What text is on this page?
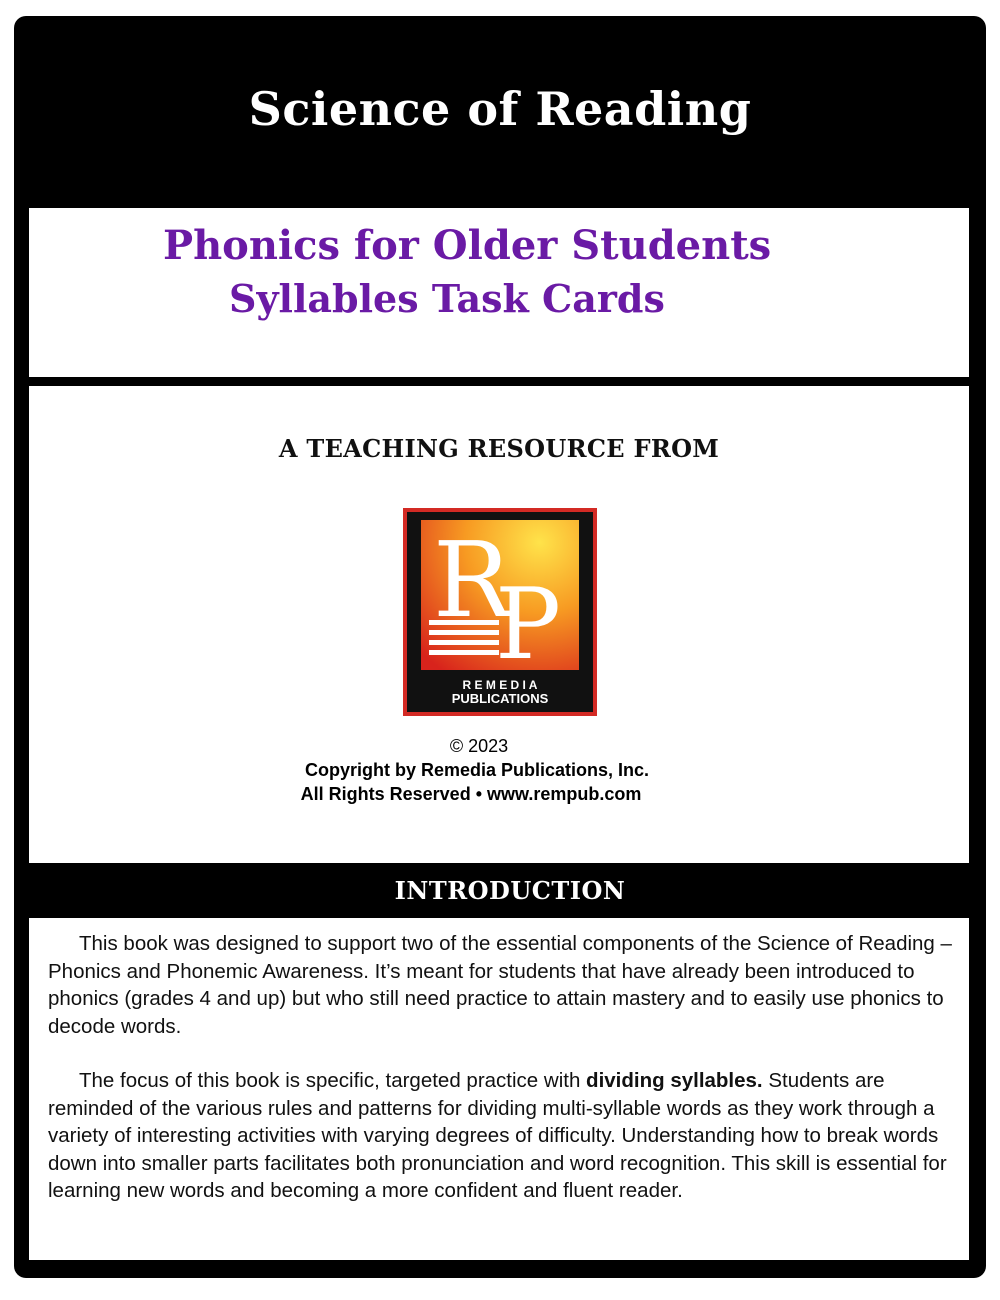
Science of Reading
Phonics for Older Students
Syllables Task Cards
A TEACHING RESOURCE FROM
R
P
R E M E D I A
PUBLICATIONS
© 2023
Copyright by Remedia Publications, Inc.
All Rights Reserved • www.rempub.com
INTRODUCTION

This book was designed to support two of the essential components of the Science of Reading – Phonics and Phonemic Awareness. It’s meant for students that have already been introduced to phonics (grades 4 and up) but who still need practice to attain mastery and to easily use phonics to decode words.

The focus of this book is specific, targeted practice with dividing syllables. Students are reminded of the various rules and patterns for dividing multi-syllable words as they work through a variety of interesting activities with varying degrees of difficulty. Understanding how to break words down into smaller parts facilitates both pronunciation and word recognition. This skill is essential for learning new words and becoming a more confident and fluent reader.
